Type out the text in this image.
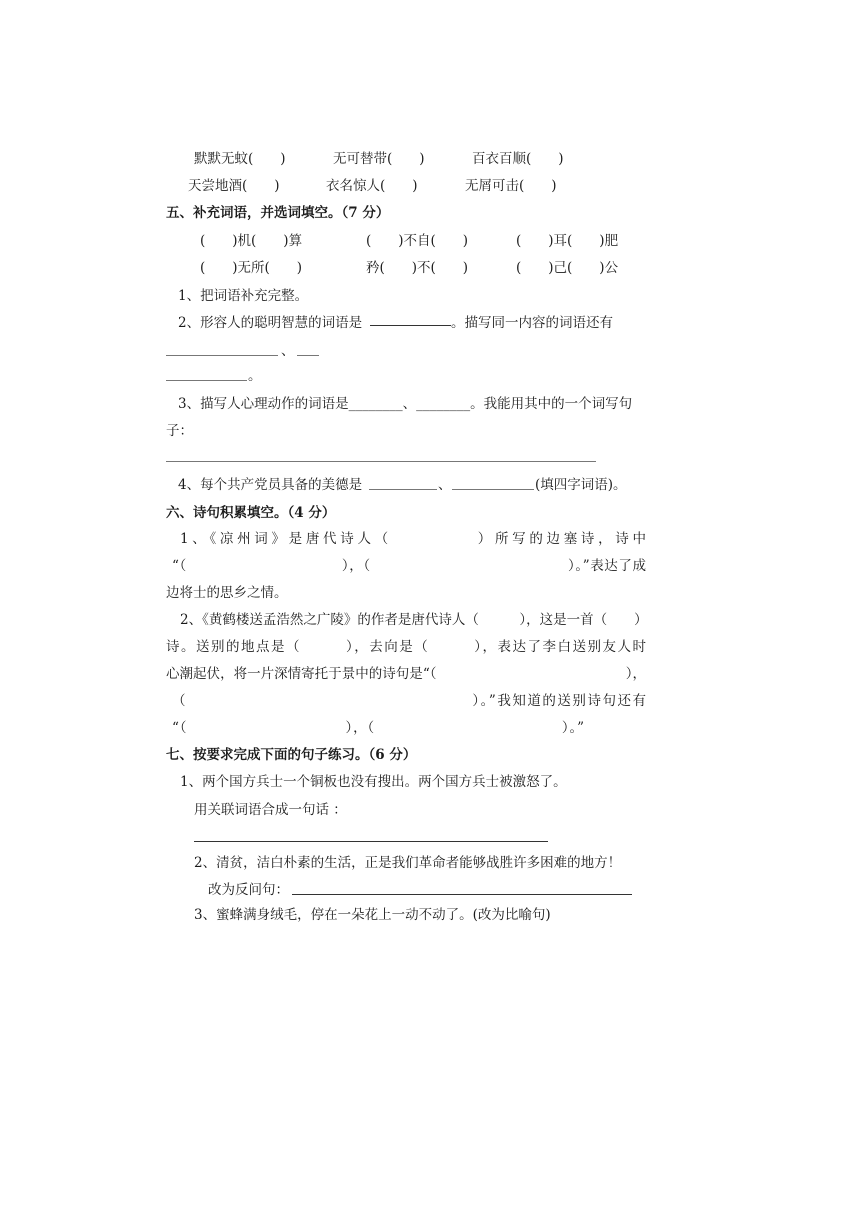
默默无蚊(　　)	无可替带(　　)	百衣百顺(　　)
天尝地酒(　　)	衣名惊人(　　)	无屑可击(　　)
五、补充词语，并选词填空。（7 分）
(　　)机(　　)算	(　　)不自(　　)	(　　)耳(　　)肥
(　　)无所(　　)	矜(　　)不(　　)	(　　)己(　　)公
1、把词语补充完整。
2、形容人的聪明智慧的词语是	。描写同一内容的词语还有
、
。
3、描写人心理动作的词语是________、________。我能用其中的一个词写句
子：
4、每个共产党员具备的美德是	、	(填四字词语)。
六、诗句积累填空。（4 分）
1、《凉州词》是唐代诗人（　　　　　）所写的边塞诗，诗中
“（　　　　　　　　　　　），（　　　　　　　　　　　　　　）。”表达了成
边将士的思乡之情。
2、《黄鹤楼送孟浩然之广陵》的作者是唐代诗人（　　　），这是一首（　　）
诗。送别的地点是（　　　），去向是（　　　），表达了李白送别友人时
心潮起伏，将一片深情寄托于景中的诗句是“（　　　　　　　　　　　　　　），
（　　　　　　　　　　　　　　　　　　　）。”我知道的送别诗句还有
“（　　　　　　　　　　　），（　　　　　　　　　　　　　）。”
七、按要求完成下面的句子练习。（6 分）
1、两个国方兵士一个铜板也没有搜出。两个国方兵士被激怒了。
用关联词语合成一句话 ：
2、清贫，洁白朴素的生活，正是我们革命者能够战胜许多困难的地方！
改为反问句：
3、蜜蜂满身绒毛，停在一朵花上一动不动了。(改为比喻句)
